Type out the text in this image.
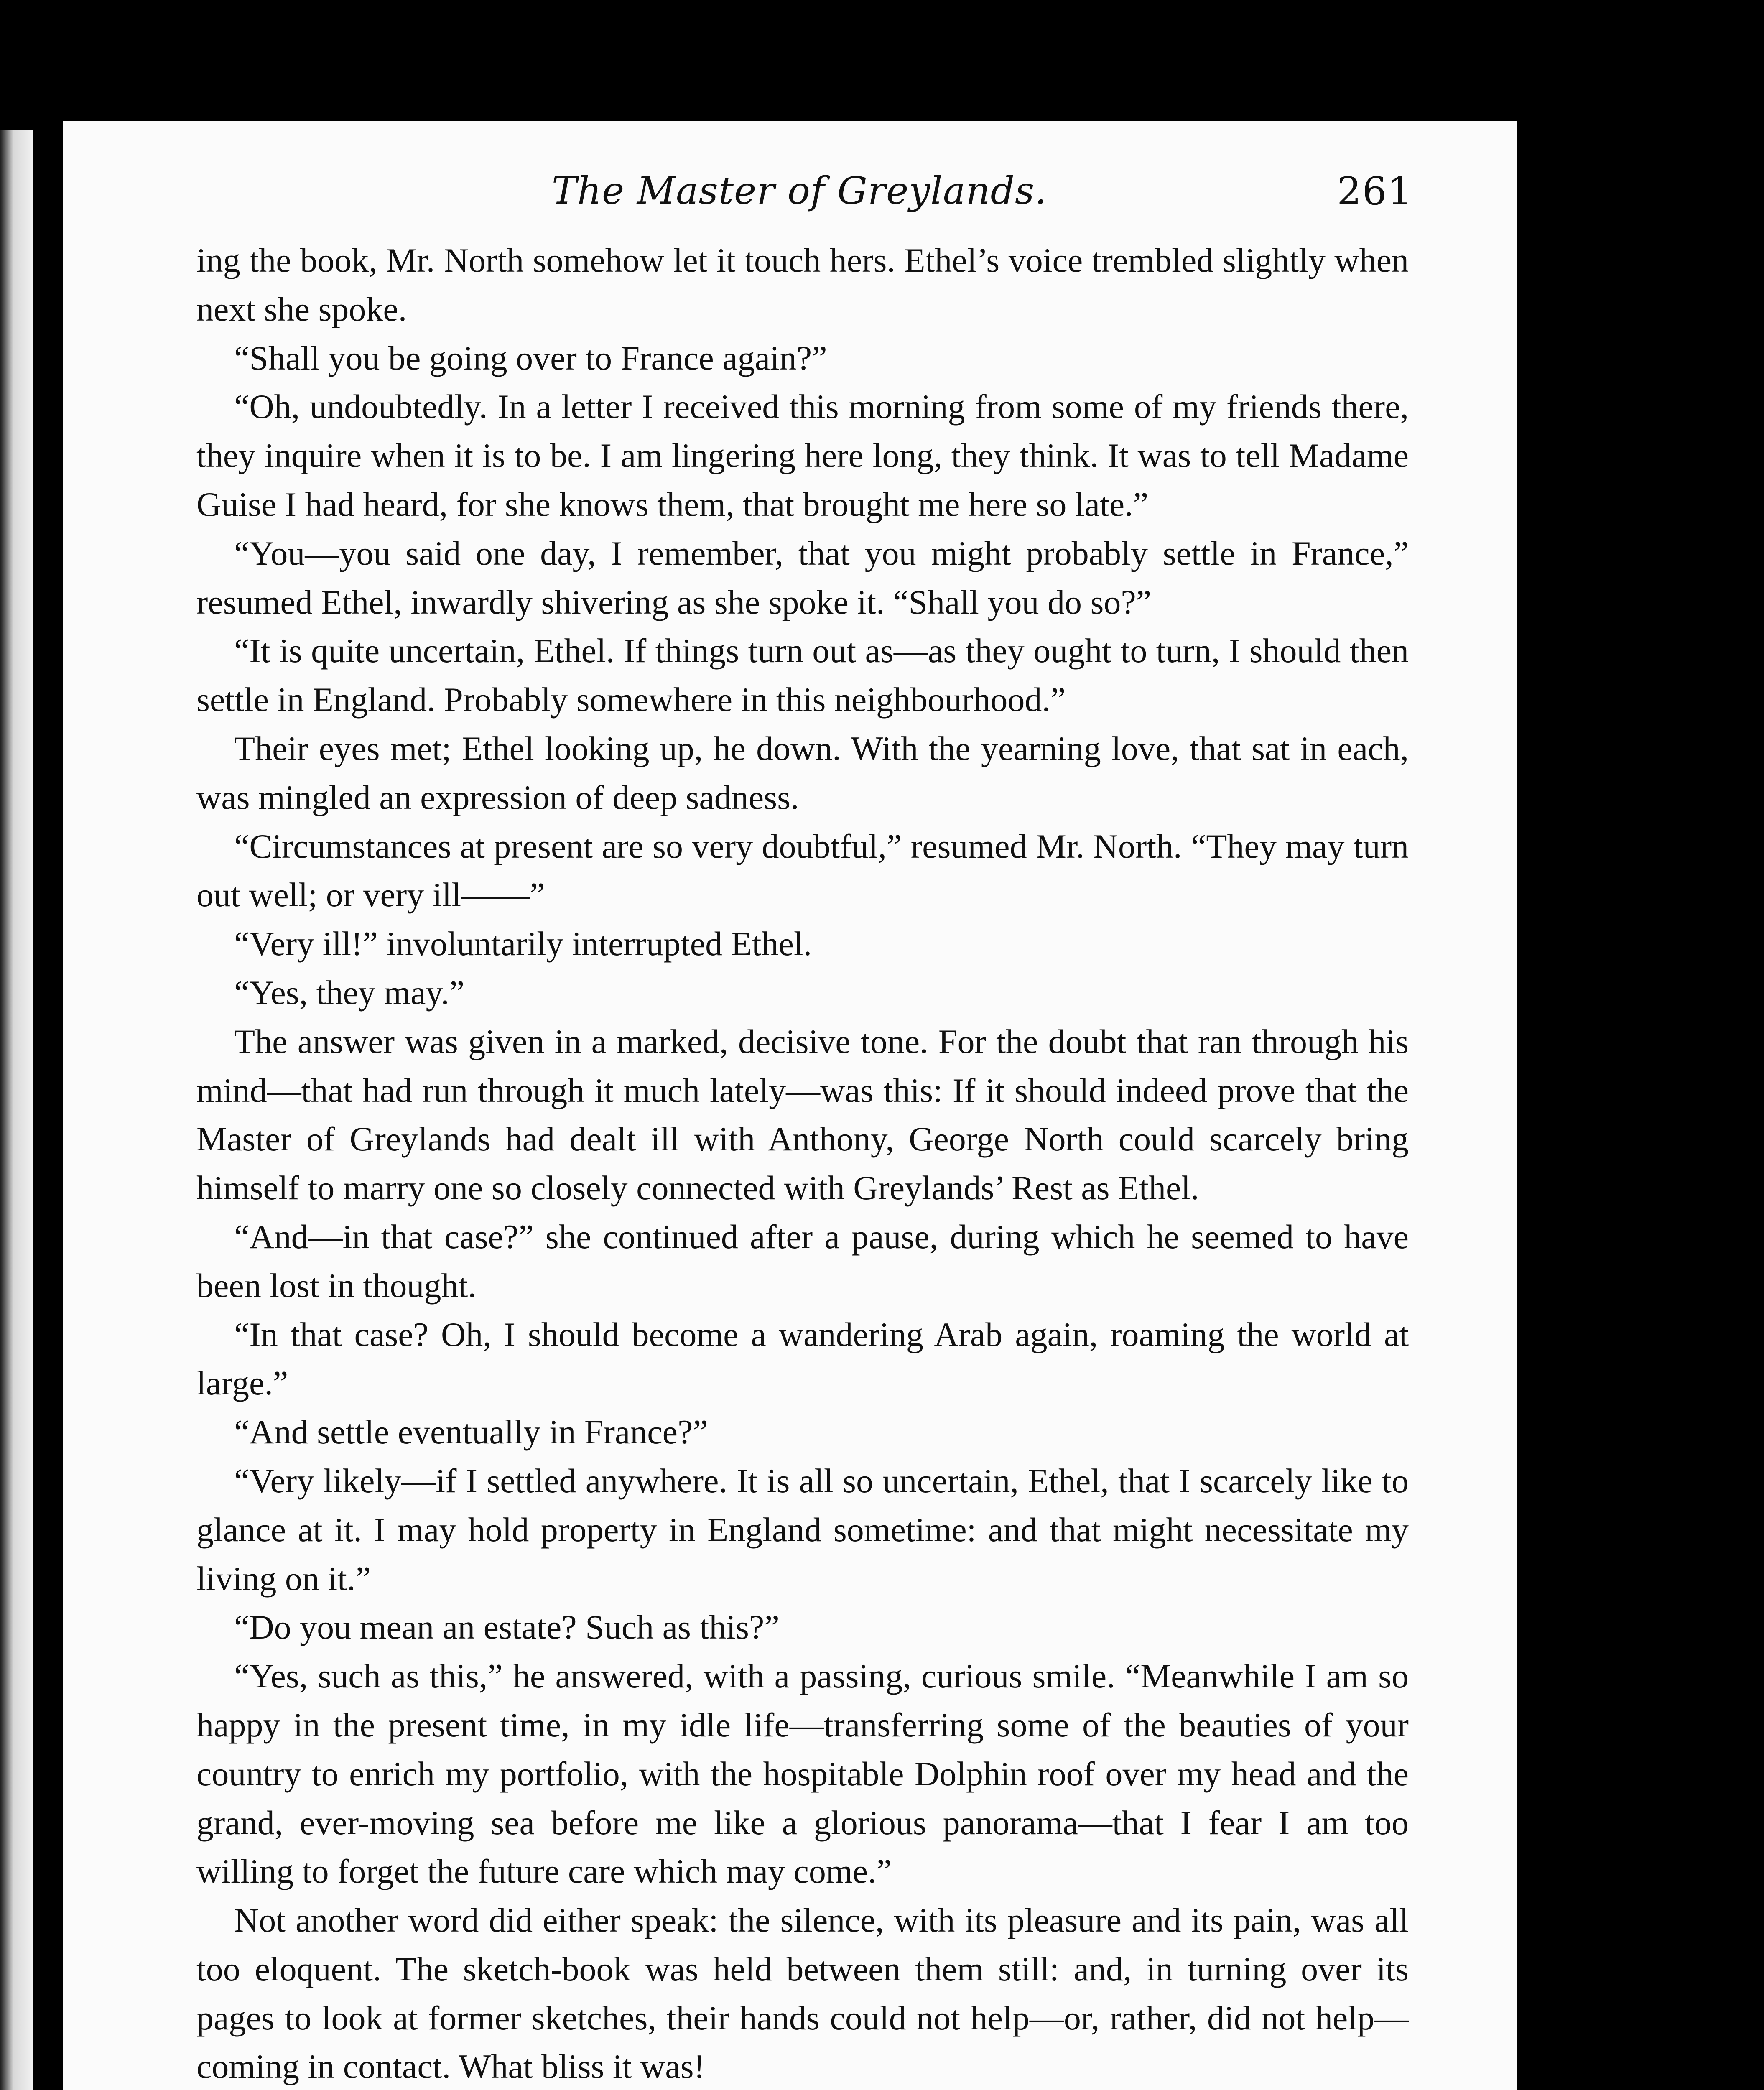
The Master of Greylands.	261

ing the book, Mr. North somehow let it touch hers. Ethel’s voice trembled slightly when next she spoke.

“Shall you be going over to France again?”

“Oh, undoubtedly. In a letter I received this morning from some of my friends there, they inquire when it is to be. I am lingering here long, they think. It was to tell Madame Guise I had heard, for she knows them, that brought me here so late.”

“You—you said one day, I remember, that you might probably settle in France,” resumed Ethel, inwardly shivering as she spoke it. “Shall you do so?”

“It is quite uncertain, Ethel. If things turn out as—as they ought to turn, I should then settle in England. Probably somewhere in this neighbourhood.”

Their eyes met; Ethel looking up, he down. With the yearning love, that sat in each, was mingled an expression of deep sadness.

“Circumstances at present are so very doubtful,” resumed Mr. North. “They may turn out well; or very ill——”

“Very ill!” involuntarily interrupted Ethel.

“Yes, they may.”

The answer was given in a marked, decisive tone. For the doubt that ran through his mind—that had run through it much lately—was this: If it should indeed prove that the Master of Greylands had dealt ill with Anthony, George North could scarcely bring himself to marry one so closely connected with Greylands’ Rest as Ethel.

“And—in that case?” she continued after a pause, during which he seemed to have been lost in thought.

“In that case? Oh, I should become a wandering Arab again, roaming the world at large.”

“And settle eventually in France?”

“Very likely—if I settled anywhere. It is all so uncertain, Ethel, that I scarcely like to glance at it. I may hold property in England sometime: and that might necessitate my living on it.”

“Do you mean an estate? Such as this?”

“Yes, such as this,” he answered, with a passing, curious smile. “Meanwhile I am so happy in the present time, in my idle life—transferring some of the beauties of your country to enrich my portfolio, with the hospitable Dolphin roof over my head and the grand, ever-moving sea before me like a glorious panorama—that I fear I am too willing to forget the future care which may come.”

Not another word did either speak: the silence, with its pleasure and its pain, was all too eloquent. The sketch-book was held between them still: and, in turning over its pages to look at former sketches, their hands could not help—or, rather, did not help—coming in contact. What bliss it was!
